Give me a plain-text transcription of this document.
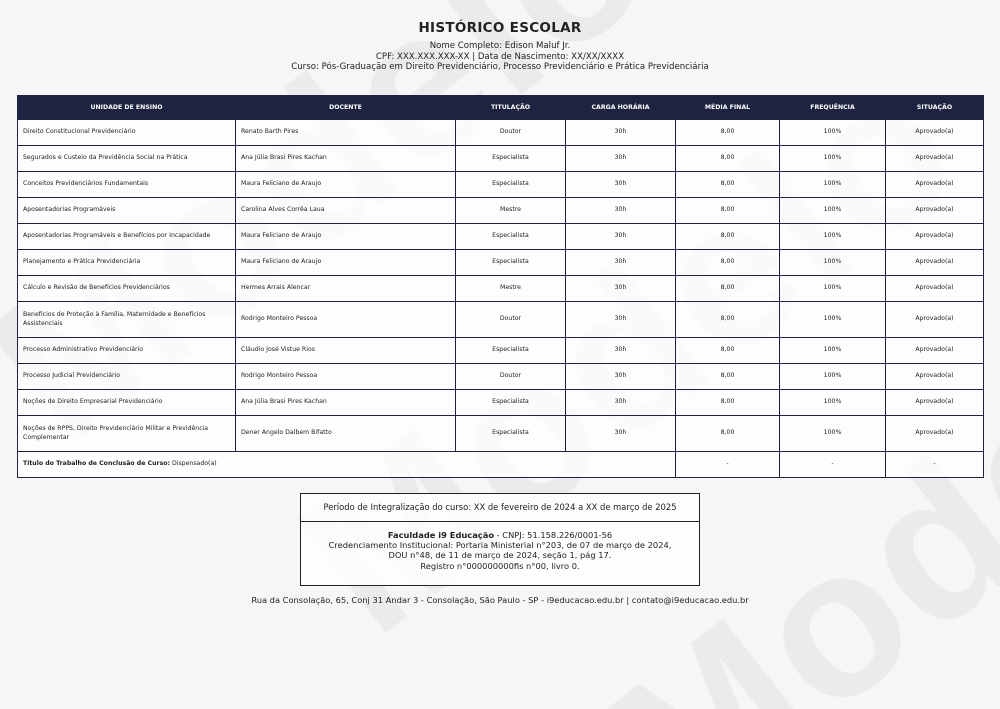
HISTÓRICO ESCOLAR
Nome Completo: Edison Maluf Jr.
CPF: XXX.XXX.XXX-XX | Data de Nascimento: XX/XX/XXXX
Curso: Pós-Graduação em Direito Previdenciário, Processo Previdenciário e Prática Previdenciária
UNIDADE DE ENSINO	DOCENTE	TITULAÇÃO	CARGA HORÁRIA	MÉDIA FINAL	FREQUÊNCIA	SITUAÇÃO
Direito Constitucional Previdenciário	Renato Barth Pires	Doutor	30h	8,00	100%	Aprovado(a)
Segurados e Custeio da Previdência Social na Prática	Ana Júlia Brasi Pires Kachan	Especialista	30h	8,00	100%	Aprovado(a)
Conceitos Previdenciários Fundamentais	Maura Feliciano de Araujo	Especialista	30h	8,00	100%	Aprovado(a)
Aposentadorias Programáveis	Carolina Alves Corrêa Laua	Mestre	30h	8,00	100%	Aprovado(a)
Aposentadorias Programáveis e Benefícios por Incapacidade	Maura Feliciano de Araujo	Especialista	30h	8,00	100%	Aprovado(a)
Planejamento e Prática Previdenciária	Maura Feliciano de Araujo	Especialista	30h	8,00	100%	Aprovado(a)
Cálculo e Revisão de Benefícios Previdenciários	Hermes Arrais Alencar	Mestre	30h	8,00	100%	Aprovado(a)
Benefícios de Proteção à Família, Maternidade e Benefícios Assistenciais	Rodrigo Monteiro Pessoa	Doutor	30h	8,00	100%	Aprovado(a)
Processo Administrativo Previdenciário	Cláudio José Vistue Rios	Especialista	30h	8,00	100%	Aprovado(a)
Processo Judicial Previdenciário	Rodrigo Monteiro Pessoa	Doutor	30h	8,00	100%	Aprovado(a)
Noções de Direito Empresarial Previdenciário	Ana Júlia Brasi Pires Kachan	Especialista	30h	8,00	100%	Aprovado(a)
Noções de RPPS, Direito Previdenciário Militar e Previdência Complementar	Dener Angelo Dalbem Bifatto	Especialista	30h	8,00	100%	Aprovado(a)
Título do Trabalho de Conclusão de Curso: Dispensado(a)				-	-	-
Período de Integralização do curso: XX de fevereiro de 2024 a XX de março de 2025
Faculdade i9 Educação - CNPJ: 51.158.226/0001-56
Credenciamento Institucional: Portaria Ministerial n°203, de 07 de março de 2024,
DOU n°48, de 11 de março de 2024, seção 1, pág 17.
Registro n°000000000fls n°00, livro 0.
Rua da Consolação, 65, Conj 31 Andar 3 - Consolação, São Paulo - SP - i9educacao.edu.br | contato@i9educacao.edu.br
